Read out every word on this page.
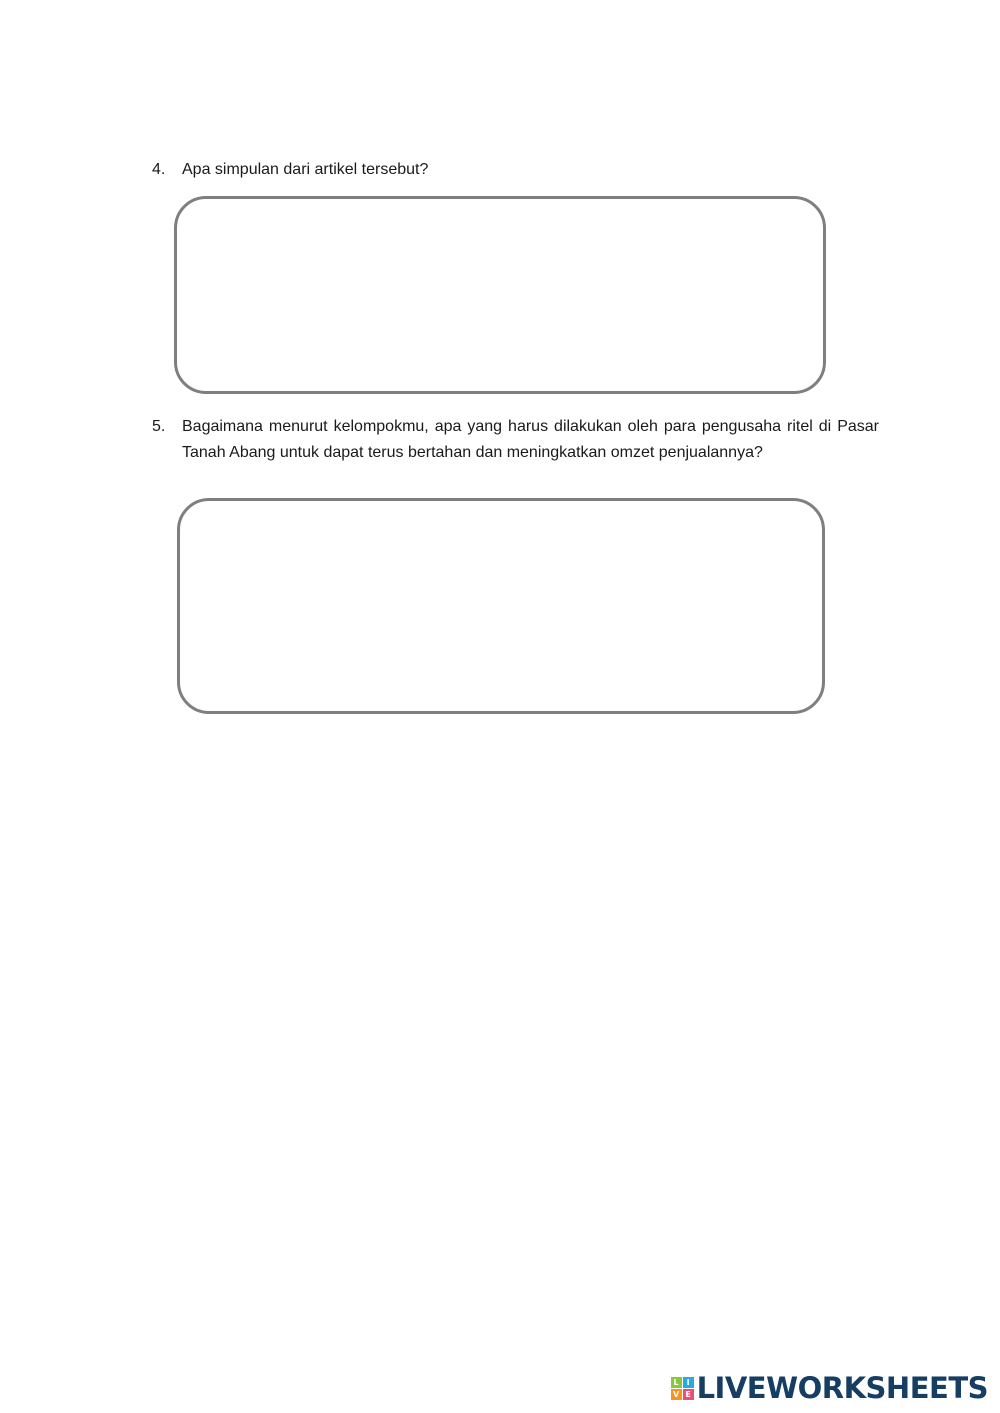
4. Apa simpulan dari artikel tersebut?
5. Bagaimana menurut kelompokmu, apa yang harus dilakukan oleh para pengusaha ritel di Pasar Tanah Abang untuk dapat terus bertahan dan meningkatkan omzet penjualannya?
L I
V E LIVEWORKSHEETS
